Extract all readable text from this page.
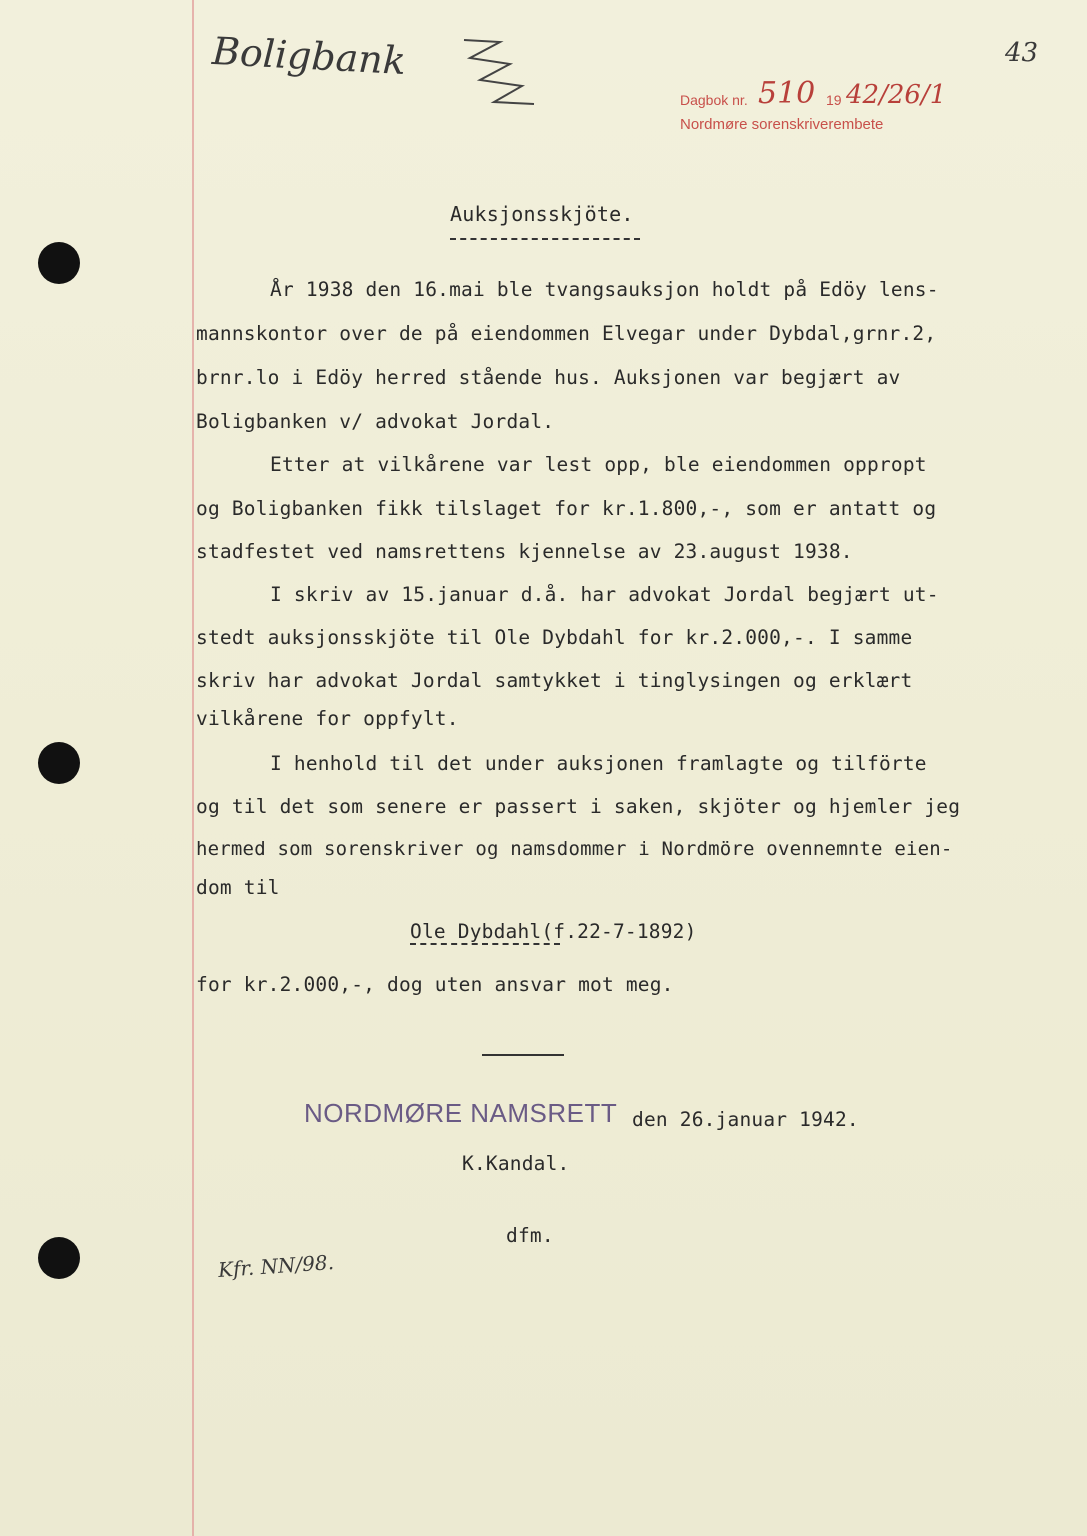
Boligbank	43
Dagbok nr. 510 19 42/26/1
Nordmøre sorenskriverembete
Auksjonsskjöte.
År 1938 den 16.mai ble tvangsauksjon holdt på Edöy lens-
mannskontor over de på eiendommen Elvegar under Dybdal,grnr.2,
brnr.lo i Edöy herred stående hus. Auksjonen var begjært av
Boligbanken v/ advokat Jordal.
Etter at vilkårene var lest opp, ble eiendommen oppropt
og Boligbanken fikk tilslaget for kr.1.800,-, som er antatt og
stadfestet ved namsrettens kjennelse av 23.august 1938.
I skriv av 15.januar d.å. har advokat Jordal begjært ut-
stedt auksjonsskjöte til Ole Dybdahl for kr.2.000,-. I samme
skriv har advokat Jordal samtykket i tinglysingen og erklært
vilkårene for oppfylt.
I henhold til det under auksjonen framlagte og tilförte
og til det som senere er passert i saken, skjöter og hjemler jeg
hermed som sorenskriver og namsdommer i Nordmöre ovennemnte eien-
dom til
Ole Dybdahl(f.22-7-1892)
for kr.2.000,-, dog uten ansvar mot meg.
NORDMØRE NAMSRETT den 26.januar 1942.
K.Kandal.
dfm.
Kfr. NN/98.
